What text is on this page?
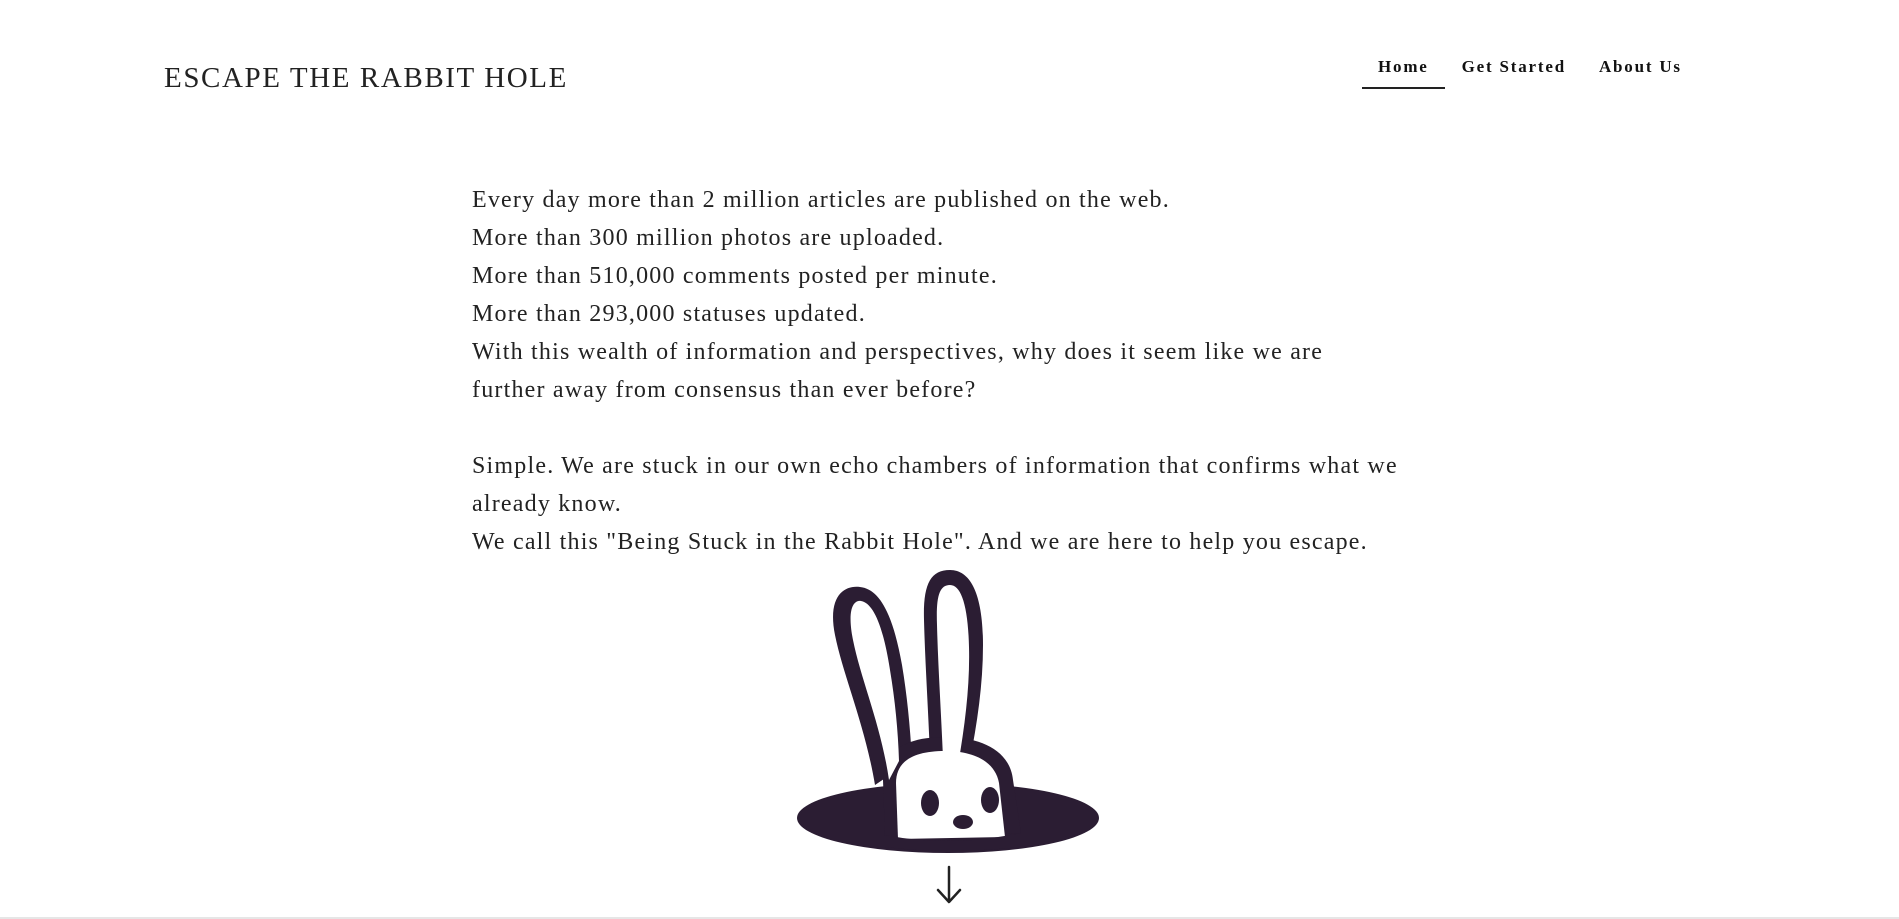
ESCAPE THE RABBIT HOLE	Home	Get Started	About Us

Every day more than 2 million articles are published on the web.

More than 300 million photos are uploaded.

More than 510,000 comments posted per minute.

More than 293,000 statuses updated.

With this wealth of information and perspectives, why does it seem like we are

further away from consensus than ever before?

Simple. We are stuck in our own echo chambers of information that confirms what we

already know.

We call this "Being Stuck in the Rabbit Hole". And we are here to help you escape.
